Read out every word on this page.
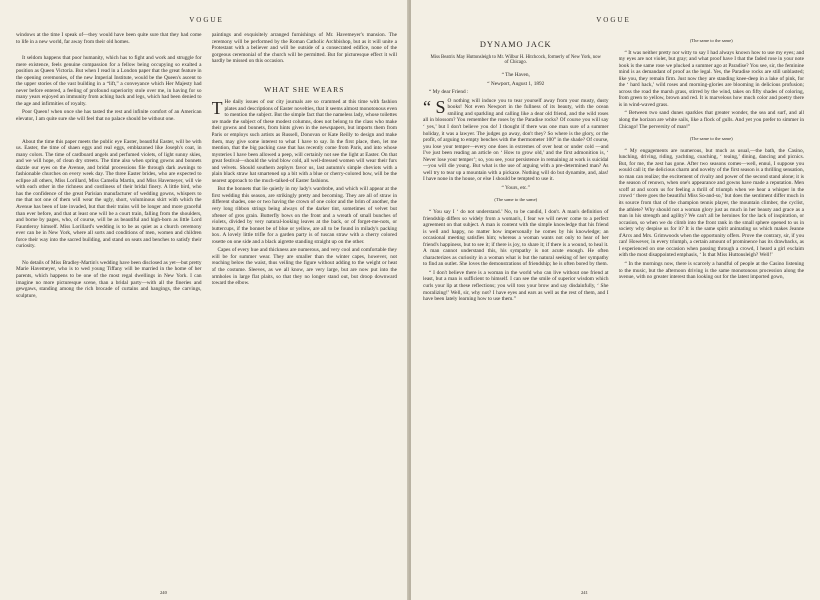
VOGUE

windows at the time I speak of—they would have been quite sure that they had come to life in a new world, far away from their old homes.

It seldom happens that poor humanity, which has to fight and work and struggle for mere existence, feels genuine compassion for a fellow being occupying so exalted a position as Queen Victoria. But when I read in a London paper that the great feature in the opening ceremonies, of the new Imperial Institute, would be the Queen's ascent to the upper stories of the vast building in a “lift,” a conveyance which Her Majesty had never before entered, a feeling of profound superiority stole over me, in having for so many years enjoyed an immunity from aching back and legs, which had been denied to the age and infirmities of royalty.

Poor Queen! when once she has tasted the rest and infinite comfort of an American elevator, I am quite sure she will feel that no palace should be without one.

About the time this paper meets the public eye Easter, beautiful Easter, will be with us. Easter, the time of shaen eggs and real eggs, emblazoned like Joseph's coat, in many colors. The time of cardboard angels and perfumed violets, of light sunny skies, and we will hope, of clean dry streets. The time also when spring gowns and bonnets dazzle our eyes on the Avenue, and bridal processions file through dark awnings to fashionable churches on every week day. The three Easter brides, who are expected to eclipse all others, Miss Lorillard, Miss Camelia Martin, and Miss Havemeyer, will vie with each other in the richness and costliness of their bridal finery. A little bird, who has the confidence of the great Parisian manufacturer of wedding gowns, whispers to me that not one of them will wear the ugly, short, voluminous skirt with which the Avenue has been of late invaded, but that their trains will be longer and more graceful than ever before, and that at least one will be a court train, falling from the shoulders, and borne by pages, who, of course, will be as beautiful and high-born as little Lord Fauntleroy himself. Miss Lorillard's wedding is to be as quiet as a church ceremony ever can be in New York, where all sorts and conditions of men, women and children force their way into the sacred building, and stand on seats and benches to satisfy their curiosity.

No details of Miss Bradley-Martin's wedding have been disclosed as yet—but pretty Marie Havemeyer, who is to wed young Tiffany will be married in the home of her parents, which happens to be one of the most regal dwellings in New York. I can imagine no more picturesque scene, than a bridal party—with all the fineries and gewgaws, standing among the rich brocade of curtains and hangings, the carvings, sculpture,

paintings and exquisitely arranged furnishings of Mr. Havemeyer's mansion. The ceremony will be performed by the Roman Catholic Archbishop, but as it will unite a Protestant with a believer and will be outside of a consecrated edifice, none of the gorgeous ceremonial of the church will be permitted. But for picturesque effect it will hardly be missed on this occasion.

WHAT SHE WEARS

T He daily issues of our city journals are so crammed at this time with fashion plates and descriptions of Easter novelties, that it seems almost monotonous even to mention the subject. But the simple fact that the nameless lady, whose toilettes are made the subject of these modest columns, does not belong to the class who make their gowns and bonnets, from hints given in the newspapers, but imports them from Paris or employs such artists as Russell, Donovan or Kate Reilly to design and make them, may give some interest to what I have to say. In the first place, then, let me mention, that the big packing case that has recently come from Paris, and into whose mysteries I have been allowed a peep, will certainly not see the light at Easter. On that great festival—should the wind blow cold, all well-dressed women will wear their furs and velvets. Should southern zephyrs favor us, last autumn's simple cheviots with a plain black straw hat smartened up a bit with a blue or cherry-colored bow, will be the nearest approach to the much-talked-of Easter fashions.

But the bonnets that lie quietly in my lady's wardrobe, and which will appear at the first wedding this season, are strikingly pretty and becoming. They are all of straw in different shades, one or two having the crown of one color and the brim of another, the very long ribbon strings being always of the darker tint, sometimes of velvet but oftener of gros grain. Butterfly bows on the front and a wreath of small bunches of violets, divided by very natural-looking leaves at the back, or of forget-me-nots, or buttercups, if the bonnet be of blue or yellow, are all to be found in milady's packing box. A lovely little trifle for a garden party is of tuscan straw with a cherry colored rosette on one side and a black aigrette standing straight up on the other.

Capes of every hue and thickness are numerous, and very cool and comfortable they will be for summer wear. They are smaller than the winter capes, however, not reaching below the waist, thus veiling the figure without adding to the weight or heat of the costume. Sleeves, as we all know, are very large, but are now put into the armholes in large flat plaits, so that they no longer stand out, but droop downward toward the elbow.

240
VOGUE
DYNAMO JACK
Miss Beatrix May Huttonsleigh to Mr. Wilbur H. Hitchcock, formerly of New York, now of Chicago.

“ The Haven,

“ Newport, August 1, 1892

“ My dear Friend :

“ S O nothing will induce you to tear yourself away from your musty, dusty books! Not even Newport in the fullness of its beauty, with the ocean smiling and sparkling and calling like a dear old friend, and the wild roses all in blossom? You remember the roses by the Paradise rocks? Of course you will say ‘ yes,’ but I don't believe you do! I thought if there was one man sure of a summer holiday, it was a lawyer. The judges go away, don't they? So where is the glory, or the profit, of arguing to empty benches with the thermometer 100° in the shade? Of course, you lose your temper—every one does in extremes of over heat or under cold —and I've just been reading an article on ‘ How to grow old,’ and the first admonition is, ‘ Never lose your temper’; so, you see, your persistence in remaining at work is suicidal—you will die young. But what is the use of arguing with a pre-determined man? As well try to tear up a mountain with a pickaxe. Nothing will do but dynamite, and, alas! I have none in the house, or else I should be tempted to use it.

“ Yours, etc.”

(The same to the same)

“ You say I ‘ do not understand.’ No, to be candid, I don't. A man's definition of friendship differs so widely from a woman's, I fear we will never come to a perfect agreement on that subject. A man is content with the simple knowledge that his friend is well and happy, no matter how impersonally he comes by his knowledge; an occasional meeting satisfies him; whereas a woman wants not only to hear of her friend's happiness, but to see it; if there is joy, to share it; if there is a wound, to heal it. A man cannot understand this, his sympathy is not acute enough. He often characterizes as curiosity in a woman what is but the natural seeking of her sympathy to find an outlet. She loves the demonstrations of friendship; he is often bored by them.

“ I don't believe there is a woman in the world who can live without one friend at least, but a man is sufficient to himself. I can see the smile of superior wisdom which curls your lip at these reflections; you will toss your brow and say disdainfully, ‘ She moralizing!’ Well, sir, why not? I have eyes and ears as well as the rest of them, and I have been lately learning how to use them.”

(The same to the same)

“ It was neither pretty nor witty to say I had always known how to use my eyes; and my eyes are not violet, but gray; and what proof have I that the faded rose in your note book is the same rose we plucked a summer ago at Paradise? You see, sir, the feminine mind is as demandant of proof as the legal. Yes, the Paradise rocks are still unblasted; like you, they remain firm. Just now they are standing knee-deep in a lake of pink, for the ‘ hard hack,’ wild roses and morning-glories are blooming in delicious profusion; across the road the marsh grass, stirred by the wind, takes on fifty shades of coloring, from green to yellow, brown and red. It is marvelous how much color and poetry there is in wind-waved grass.

“ Between two sand dunes sparkles that greater wonder, the sea and surf, and all along the horizon are white sails, like a flock of gulls. And yet you prefer to simmer in Chicago! The perversity of man!”

(The same to the same)

“ My engagements are numerous, but much as usual,—the bath, the Casino, lunching, driving, riding, yachting, coaching, ‘ teaing,’ dining, dancing and picnics. But, for me, the zest has gone. After two seasons comes—well, ennui, I suppose you would call it; the delicious charm and novelty of the first season is a thrilling sensation, no man can realize; the excitement of rivalry and power of the second stand alone; it is the season of renown, when one's appearance and gowns have made a reputation. Men scoff at and scorn us for feeling a thrill of triumph when we hear a whisper in the crowd ‘ there goes the beautiful Miss So-and-so,’ but does the sentiment differ much in its source from that of the champion tennis player, the mountain climber, the cyclist, the athlete? Why should not a woman glory just as much in her beauty and grace as a man in his strength and agility? We can't all be heroines for the lack of inspiration, or occasion, so when we do climb into the front rank in the small sphere opened to us in society why despise us for it? It is the same spirit animating us which makes Jeanne d'Arcs and Mrs. Grimwoods when the opportunity offers. Prove the contrary, sir, if you can! However, in every triumph, a certain amount of prominence has its drawbacks, as I experienced on one occasion when passing through a crowd, I heard a girl exclaim with the most disappointed emphasis, ‘ Is that Miss Huttonsleigh? Well!’

“ In the mornings now, there is scarcely a handful of people at the Casino listening to the music, but the afternoon driving is the same monotonous procession along the avenue, with no greater interest than looking out for the latest imported gown,

241
